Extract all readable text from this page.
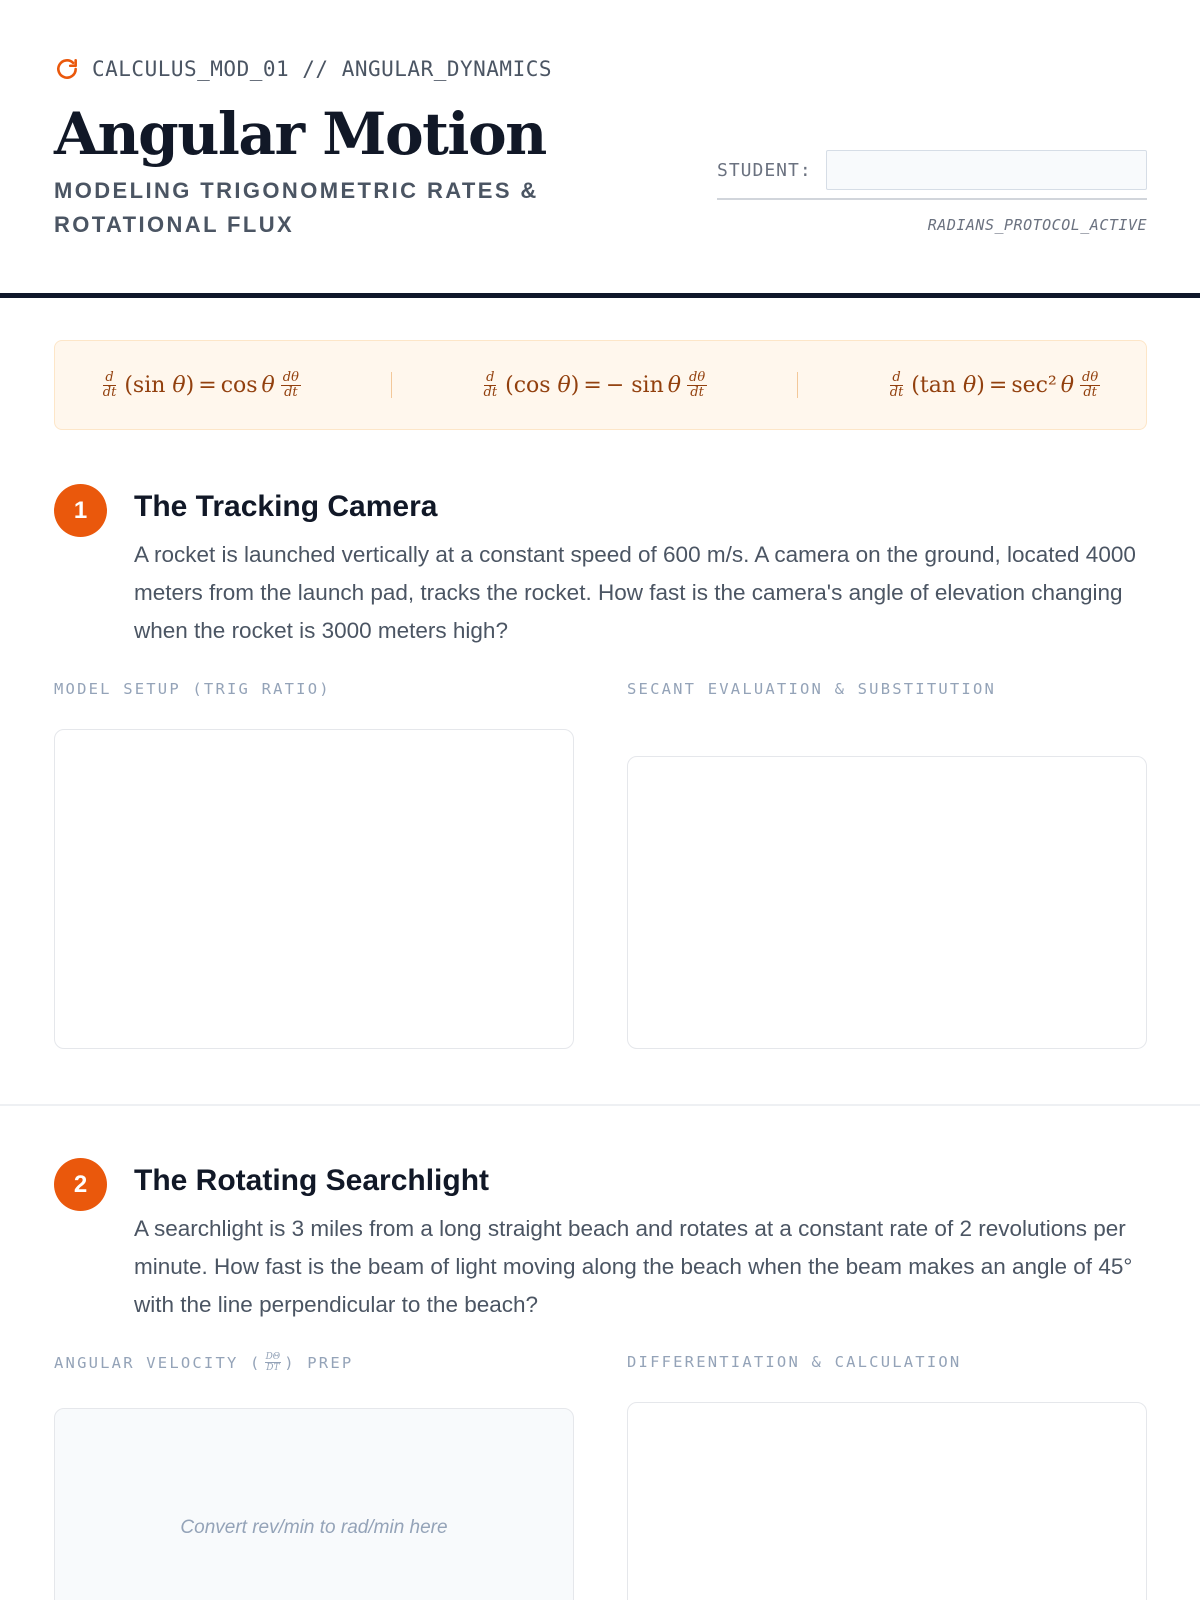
CALCULUS_MOD_01 // ANGULAR_DYNAMICS
Angular Motion
MODELING TRIGONOMETRIC RATES & ROTATIONAL FLUX
STUDENT:
RADIANS_PROTOCOL_ACTIVE
$\frac{d}{dt} (\sin$ θ) = cos θ $\frac{d\theta}{dt}$	$\frac{d}{dt} (\cos$ θ) = − sin θ $\frac{d\theta}{dt}$	$\frac{d}{dt} (\tan$ θ) = sec² θ $\frac{d\theta}{dt}$
1	The Tracking Camera
A rocket is launched vertically at a constant speed of 600 m/s. A camera on the ground, located 4000 meters from the launch pad, tracks the rocket. How fast is the camera's angle of elevation changing when the rocket is 3000 meters high?
MODEL SETUP (TRIG RATIO)	SECANT EVALUATION & SUBSTITUTION
2	The Rotating Searchlight
A searchlight is 3 miles from a long straight beach and rotates at a constant rate of 2 revolutions per minute. How fast is the beam of light moving along the beach when the beam makes an angle of 45° with the line perpendicular to the beach?
ANGULAR VELOCITY ( $\frac{D\Theta}{DT}$ ) PREP	DIFFERENTIATION & CALCULATION
Convert rev/min to rad/min here
